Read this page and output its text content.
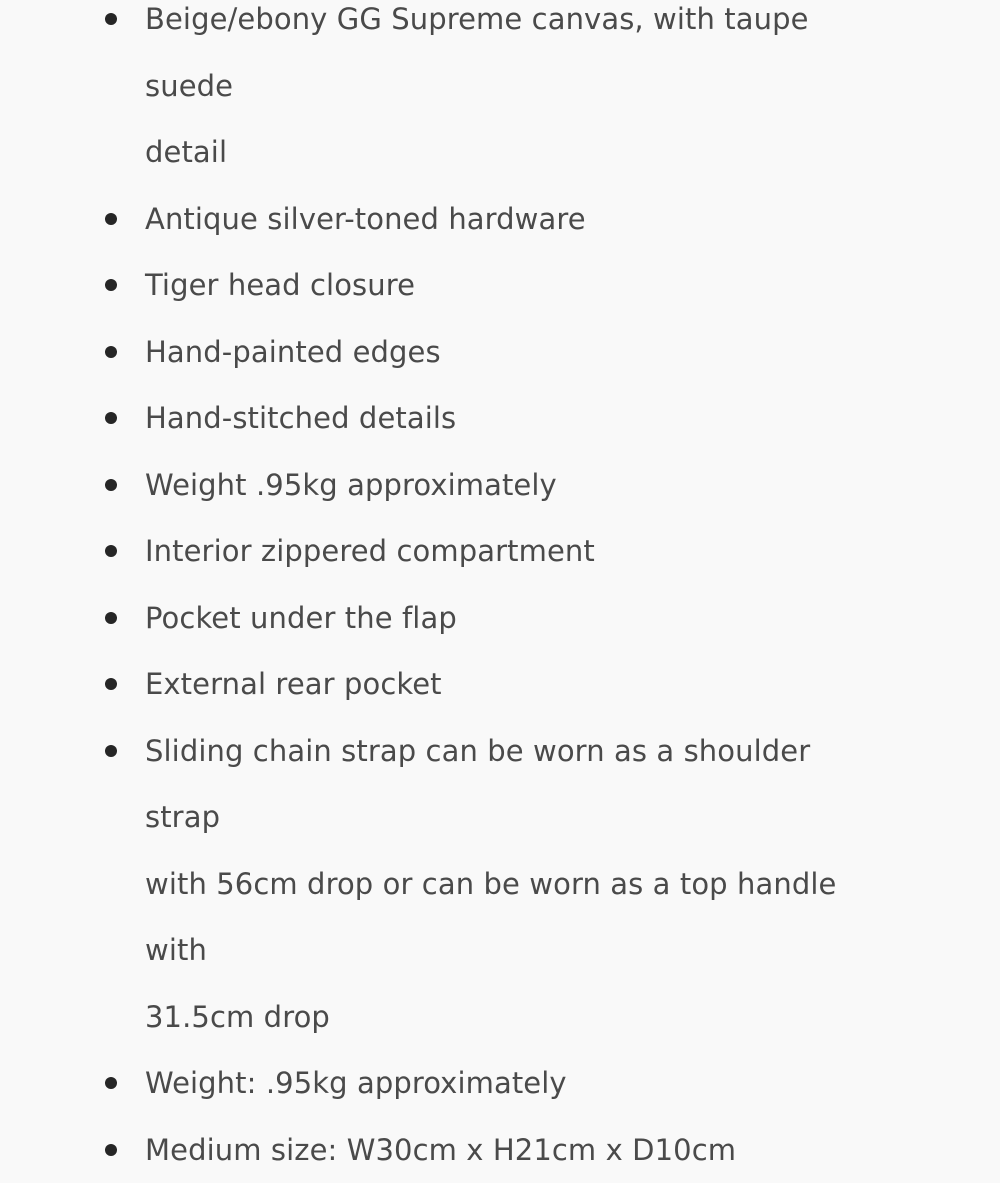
Beige/ebony GG Supreme canvas, with taupe suede
detail
Antique silver-toned hardware
Tiger head closure
Hand-painted edges
Hand-stitched details
Weight .95kg approximately
Interior zippered compartment
Pocket under the flap
External rear pocket
Sliding chain strap can be worn as a shoulder strap
with 56cm drop or can be worn as a top handle with
31.5cm drop
Weight: .95kg approximately
Medium size: W30cm x H21cm x D10cm
